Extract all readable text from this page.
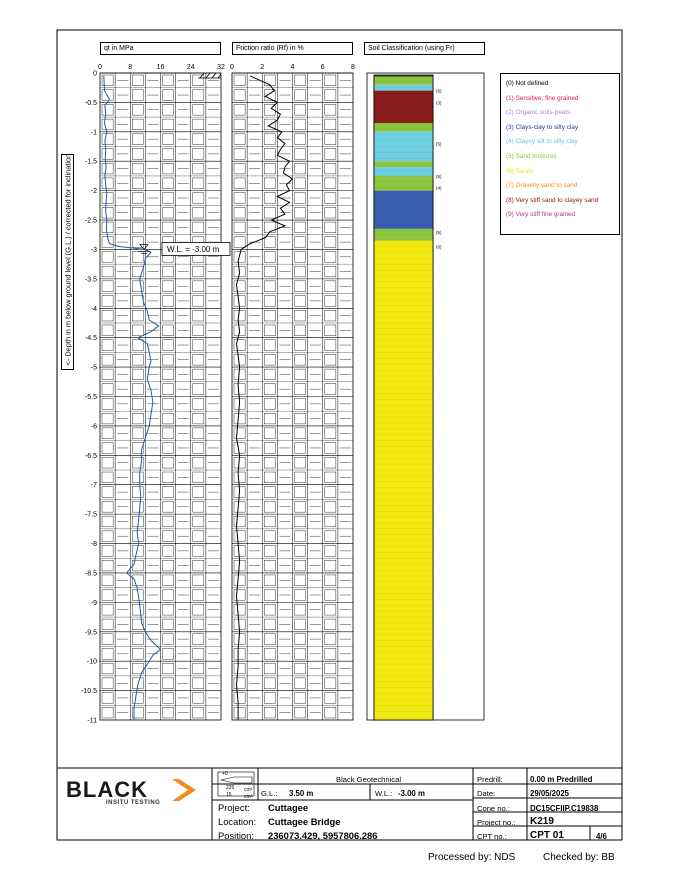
0
-0.5
-1
-1.5
-2
-2.5
-3
-3.5
-4
-4.5
-5
-5.5
-6
-6.5
-7
-7.5
-8
-8.5
-9
-9.5
-10
-10.5
-11
0	8	16	24	32 0	2	4	6	8
W.L. = -3.00 m
(6)
(3)
(5)
(5)
(4)
(5)
(6)
qt in MPa	Friction ratio (Rf) in %	Soil Classification (using Fr)
<- Depth in m below ground level (G.L.) / corrected for inclination
(0) Not defined
(1) Sensitive, fine grained
(2) Organic soils-peats
(3) Clays-clay to silty clay
(4) Clayey silt to silty clay
(5) Sand mixtures
(6) Sands
(7) Gravelly sand to sand
(8) Very stiff sand to clayey sand
(9) Very stiff fine grained
BLACK
INSITU TESTING
+0
225 cm²
15 cm²
Black Geotechnical
G.L.: 3.50 m	W.L.: -3.00 m
Project: Cuttagee
Location: Cuttagee Bridge
Position: 236073.429, 5957806.286
Predrill:	0.00 m Predrilled
Date:	29/05/2025
Cone no.:	DC15CFIIP.C19838
Project no.: K219
CPT no.: CPT 01	4/6
Processed by: NDS	Checked by: BB
